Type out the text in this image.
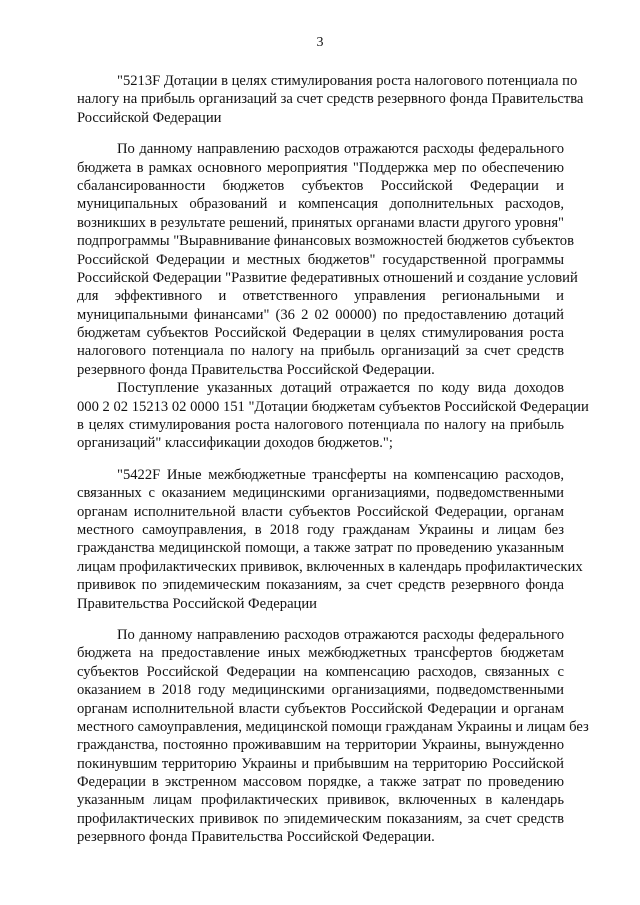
3
"5213F Дотации в целях стимулирования роста налогового потенциала по
налогу на прибыль организаций за счет средств резервного фонда Правительства
Российской Федерации
По данному направлению расходов отражаются расходы федерального
бюджета в рамках основного мероприятия "Поддержка мер по обеспечению
сбалансированности бюджетов субъектов Российской Федерации и
муниципальных образований и компенсация дополнительных расходов,
возникших в результате решений, принятых органами власти другого уровня"
подпрограммы "Выравнивание финансовых возможностей бюджетов субъектов
Российской Федерации и местных бюджетов" государственной программы
Российской Федерации "Развитие федеративных отношений и создание условий
для эффективного и ответственного управления региональными и
муниципальными финансами" (36 2 02 00000) по предоставлению дотаций
бюджетам субъектов Российской Федерации в целях стимулирования роста
налогового потенциала по налогу на прибыль организаций за счет средств
резервного фонда Правительства Российской Федерации.
Поступление указанных дотаций отражается по коду вида доходов
000 2 02 15213 02 0000 151 "Дотации бюджетам субъектов Российской Федерации
в целях стимулирования роста налогового потенциала по налогу на прибыль
организаций" классификации доходов бюджетов.";
"5422F Иные межбюджетные трансферты на компенсацию расходов,
связанных с оказанием медицинскими организациями, подведомственными
органам исполнительной власти субъектов Российской Федерации, органам
местного самоуправления, в 2018 году гражданам Украины и лицам без
гражданства медицинской помощи, а также затрат по проведению указанным
лицам профилактических прививок, включенных в календарь профилактических
прививок по эпидемическим показаниям, за счет средств резервного фонда
Правительства Российской Федерации
По данному направлению расходов отражаются расходы федерального
бюджета на предоставление иных межбюджетных трансфертов бюджетам
субъектов Российской Федерации на компенсацию расходов, связанных с
оказанием в 2018 году медицинскими организациями, подведомственными
органам исполнительной власти субъектов Российской Федерации и органам
местного самоуправления, медицинской помощи гражданам Украины и лицам без
гражданства, постоянно проживавшим на территории Украины, вынужденно
покинувшим территорию Украины и прибывшим на территорию Российской
Федерации в экстренном массовом порядке, а также затрат по проведению
указанным лицам профилактических прививок, включенных в календарь
профилактических прививок по эпидемическим показаниям, за счет средств
резервного фонда Правительства Российской Федерации.
